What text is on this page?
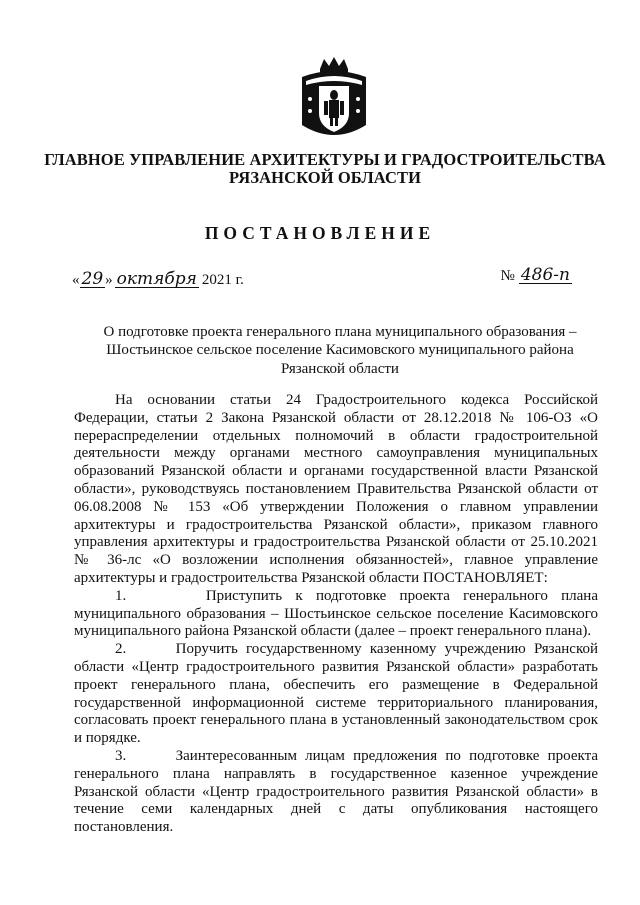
ГЛАВНОЕ УПРАВЛЕНИЕ АРХИТЕКТУРЫ И ГРАДОСТРОИТЕЛЬСТВА
РЯЗАНСКОЙ ОБЛАСТИ
ПОСТАНОВЛЕНИЕ
« 29 » октября 2021 г.	№ 486-п
О подготовке проекта генерального плана муниципального образования –
Шостьинское сельское поселение Касимовского муниципального района
Рязанской области

На основании статьи 24 Градостроительного кодекса Российской Федерации, статьи 2 Закона Рязанской области от 28.12.2018 № 106-ОЗ «О перераспределении отдельных полномочий в области градостроительной деятельности между органами местного самоуправления муниципальных образований Рязанской области и органами государственной власти Рязанской области», руководствуясь постановлением Правительства Рязанской области от 06.08.2008 № 153 «Об утверждении Положения о главном управлении архитектуры и градостроительства Рязанской области», приказом главного управления архитектуры и градостроительства Рязанской области от 25.10.2021 № 36-лс «О возложении исполнения обязанностей», главное управление архитектуры и градостроительства Рязанской области ПОСТАНОВЛЯЕТ:

1.      Приступить к подготовке проекта генерального плана муниципального образования – Шостьинское сельское поселение Касимовского муниципального района Рязанской области (далее – проект генерального плана).

2.      Поручить государственному казенному учреждению Рязанской области «Центр градостроительного развития Рязанской области» разработать проект генерального плана, обеспечить его размещение в Федеральной государственной информационной системе территориального планирования, согласовать проект генерального плана в установленный законодательством срок и порядке.

3.      Заинтересованным лицам предложения по подготовке проекта генерального плана направлять в государственное казенное учреждение Рязанской области «Центр градостроительного развития Рязанской области» в течение семи календарных дней с даты опубликования настоящего постановления.
